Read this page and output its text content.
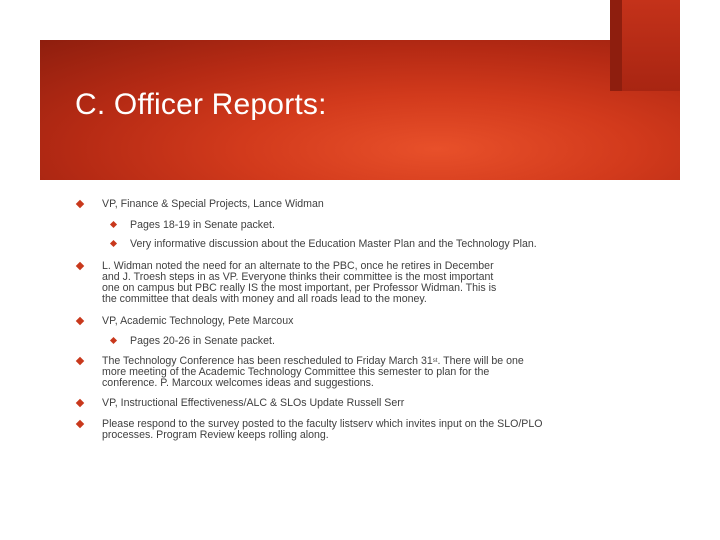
C. Officer Reports:
VP, Finance & Special Projects, Lance Widman
Pages 18-19 in Senate packet.
Very informative discussion about the Education Master Plan and the Technology Plan.
L. Widman noted the need for an alternate to the PBC, once he retires in December
and J. Troesh steps in as VP. Everyone thinks their committee is the most important
one on campus but PBC really IS the most important, per Professor Widman. This is
the committee that deals with money and all roads lead to the money.
VP, Academic Technology, Pete Marcoux
Pages 20-26 in Senate packet.
The Technology Conference has been rescheduled to Friday March 31st. There will be one
more meeting of the Academic Technology Committee this semester to plan for the
conference. P. Marcoux welcomes ideas and suggestions.
VP, Instructional Effectiveness/ALC & SLOs Update Russell Serr
Please respond to the survey posted to the faculty listserv which invites input on the SLO/PLO
processes. Program Review keeps rolling along.
